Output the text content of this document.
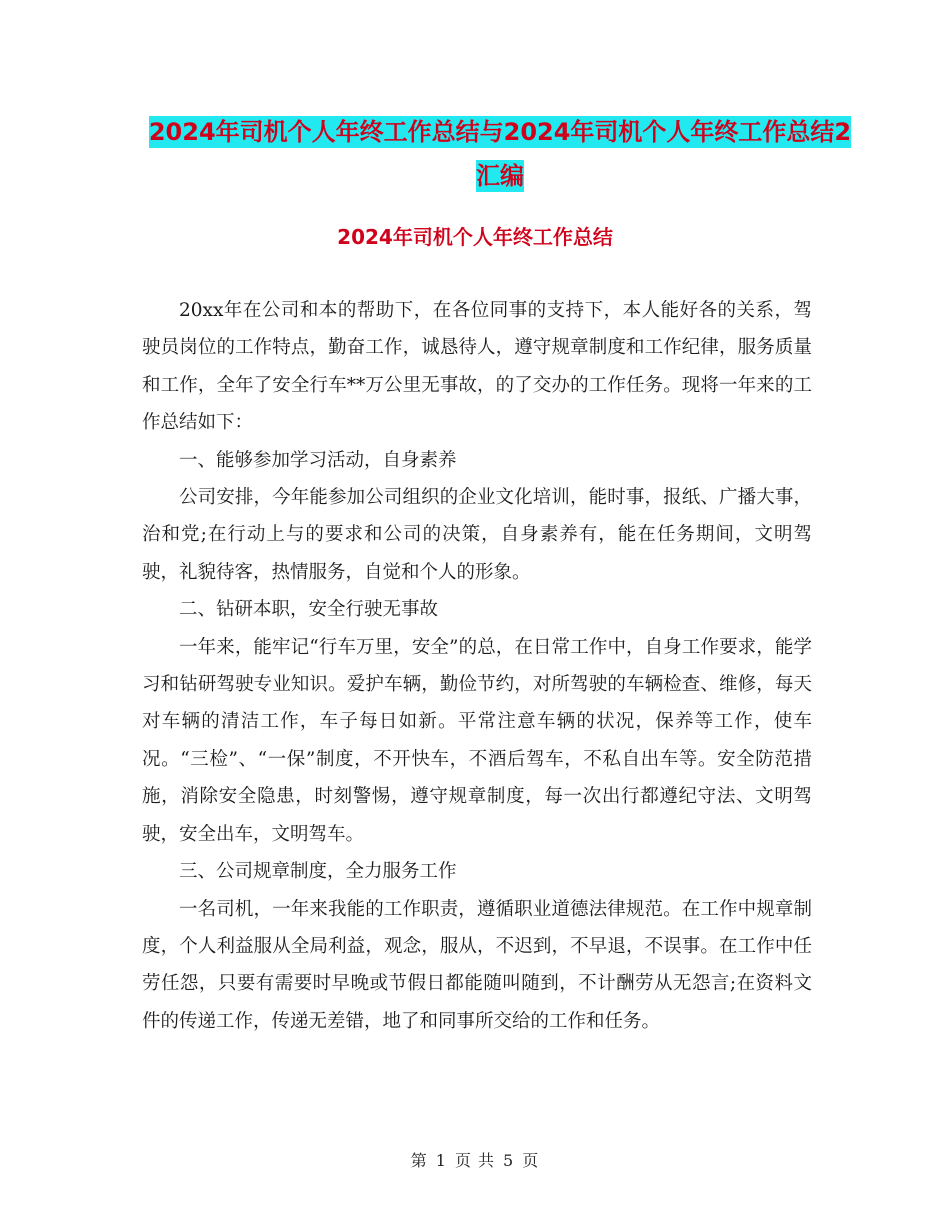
2024年司机个人年终工作总结与2024年司机个人年终工作总结2汇编
2024年司机个人年终工作总结

20xx年在公司和本的帮助下，在各位同事的支持下，本人能好各的关系，驾驶员岗位的工作特点，勤奋工作，诚恳待人，遵守规章制度和工作纪律，服务质量和工作，全年了安全行车**万公里无事故，的了交办的工作任务。现将一年来的工作总结如下：

一、能够参加学习活动，自身素养

公司安排，今年能参加公司组织的企业文化培训，能时事，报纸、广播大事，治和党;在行动上与的要求和公司的决策，自身素养有，能在任务期间，文明驾驶，礼貌待客，热情服务，自觉和个人的形象。

二、钻研本职，安全行驶无事故

一年来，能牢记“行车万里，安全”的总，在日常工作中，自身工作要求，能学习和钻研驾驶专业知识。爱护车辆，勤俭节约，对所驾驶的车辆检查、维修，每天对车辆的清洁工作，车子每日如新。平常注意车辆的状况，保养等工作，使车况。“三检”、“一保”制度，不开快车，不酒后驾车，不私自出车等。安全防范措施，消除安全隐患，时刻警惕，遵守规章制度，每一次出行都遵纪守法、文明驾驶，安全出车，文明驾车。

三、公司规章制度，全力服务工作

一名司机，一年来我能的工作职责，遵循职业道德法律规范。在工作中规章制度，个人利益服从全局利益，观念，服从，不迟到，不早退，不误事。在工作中任劳任怨，只要有需要时早晚或节假日都能随叫随到，不计酬劳从无怨言;在资料文件的传递工作，传递无差错，地了和同事所交给的工作和任务。

第 1 页 共 5 页
